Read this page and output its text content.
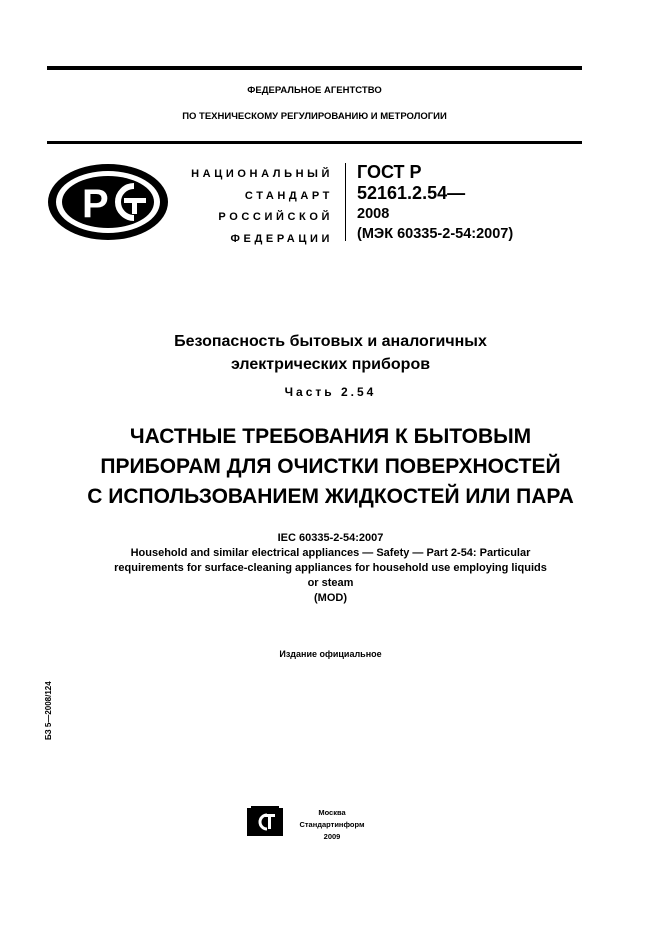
ФЕДЕРАЛЬНОЕ АГЕНТСТВО
ПО ТЕХНИЧЕСКОМУ РЕГУЛИРОВАНИЮ И МЕТРОЛОГИИ
P
НАЦИОНАЛЬНЫЙ
СТАНДАРТ
РОССИЙСКОЙ
ФЕДЕРАЦИИ
ГОСТ Р
52161.2.54—
2008
(МЭК 60335-2-54:2007)
Безопасность бытовых и аналогичных
электрических приборов
Часть 2.54
ЧАСТНЫЕ ТРЕБОВАНИЯ К БЫТОВЫМ
ПРИБОРАМ ДЛЯ ОЧИСТКИ ПОВЕРХНОСТЕЙ
С ИСПОЛЬЗОВАНИЕМ ЖИДКОСТЕЙ ИЛИ ПАРА
IEC 60335-2-54:2007
Household and similar electrical appliances — Safety — Part 2-54: Particular
requirements for surface-cleaning appliances for household use employing liquids
or steam
(MOD)
Издание официальное
БЗ 5—2008/124
Москва
Стандартинформ
2009
